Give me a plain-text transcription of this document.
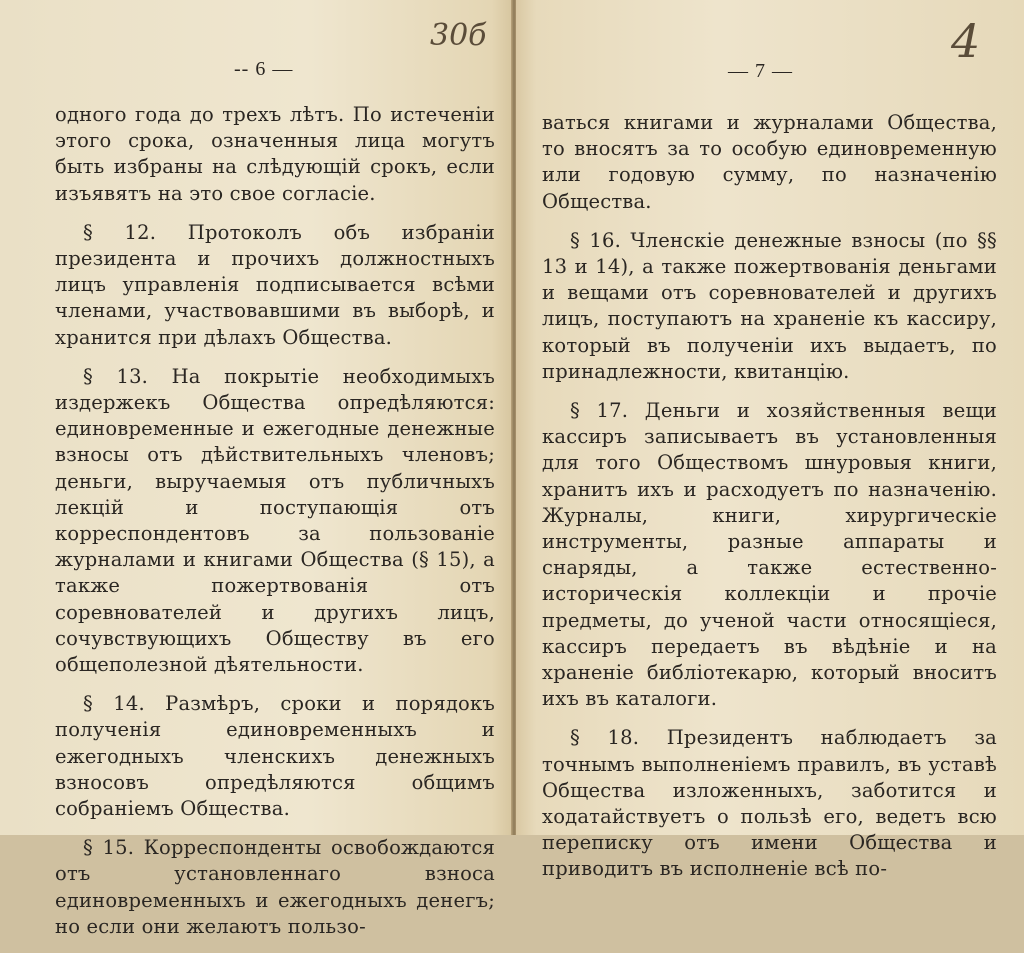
-- 6 —
30б

одного года до трехъ лѣтъ. По истеченіи этого срока, означенныя лица могутъ быть избраны на слѣдующій срокъ, если изъявятъ на это свое согласіе.

§ 12. Протоколъ объ избраніи президента и прочихъ должностныхъ лицъ управленія подписывается всѣми членами, участвовавшими въ выборѣ, и хранится при дѣлахъ Общества.

§ 13. На покрытіе необходимыхъ издержекъ Общества опредѣляются: единовременные и ежегодные денежные взносы отъ дѣйствительныхъ членовъ; деньги, выручаемыя отъ публичныхъ лекцій и поступающія отъ корреспондентовъ за пользованіе журналами и книгами Общества (§ 15), а также пожертвованія отъ соревнователей и другихъ лицъ, сочувствующихъ Обществу въ его общеполезной дѣятельности.

§ 14. Размѣръ, сроки и порядокъ полученія единовременныхъ и ежегодныхъ членскихъ денежныхъ взносовъ опредѣляются общимъ собраніемъ Общества.

§ 15. Корреспонденты освобождаются отъ установленнаго взноса единовременныхъ и ежегодныхъ денегъ; но если они желаютъ пользо-

— 7 —
4

ваться книгами и журналами Общества, то вносятъ за то особую единовременную или годовую сумму, по назначенію Общества.

§ 16. Членскіе денежные взносы (по §§ 13 и 14), а также пожертвованія деньгами и вещами отъ соревнователей и другихъ лицъ, поступаютъ на храненіе къ кассиру, который въ полученіи ихъ выдаетъ, по принадлежности, квитанцію.

§ 17. Деньги и хозяйственныя вещи кассиръ записываетъ въ установленныя для того Обществомъ шнуровыя книги, хранитъ ихъ и расходуетъ по назначенію. Журналы, книги, хирургическіе инструменты, разные аппараты и снаряды, а также естественно-историческія коллекціи и прочіе предметы, до ученой части относящіеся, кассиръ передаетъ въ вѣдѣніе и на храненіе библіотекарю, который вноситъ ихъ въ каталоги.

§ 18. Президентъ наблюдаетъ за точнымъ выполненіемъ правилъ, въ уставѣ Общества изложенныхъ, заботится и ходатайствуетъ о пользѣ его, ведетъ всю переписку отъ имени Общества и приводитъ въ исполненіе всѣ по-
